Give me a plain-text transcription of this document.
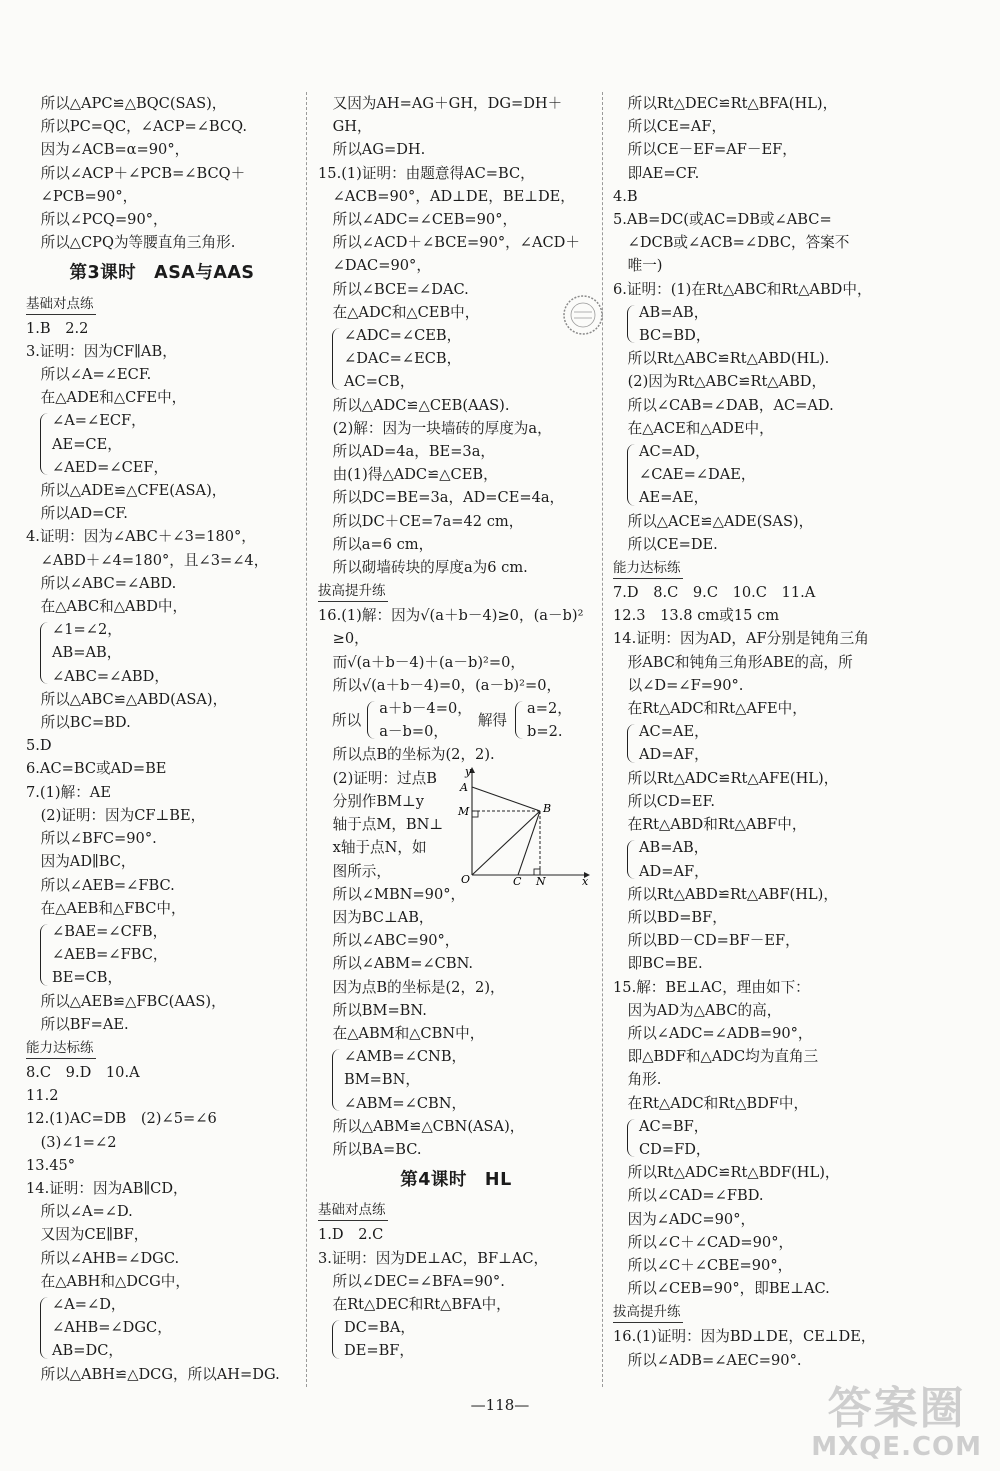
　所以△APC≌△BQC(SAS)，
　所以PC=QC，∠ACP=∠BCQ.
　因为∠ACB=α=90°，
　所以∠ACP＋∠PCB=∠BCQ＋
　∠PCB=90°，
　所以∠PCQ=90°，
　所以△CPQ为等腰直角三角形.
第3课时　ASA与AAS
基础对点练
1.B　2.2
3.证明：因为CF∥AB，
　所以∠A=∠ECF.
　在△ADE和△CFE中，
∠A=∠ECF，
AE=CE，
∠AED=∠CEF，
　所以△ADE≌△CFE(ASA)，
　所以AD=CF.
4.证明：因为∠ABC＋∠3=180°，
　∠ABD＋∠4=180°，且∠3=∠4，
　所以∠ABC=∠ABD.
　在△ABC和△ABD中，
∠1=∠2，
AB=AB，
∠ABC=∠ABD，
　所以△ABC≌△ABD(ASA)，
　所以BC=BD.
5.D
6.AC=BC或AD=BE
7.(1)解：AE
　(2)证明：因为CF⊥BE，
　所以∠BFC=90°.
　因为AD∥BC，
　所以∠AEB=∠FBC.
　在△AEB和△FBC中，
∠BAE=∠CFB，
∠AEB=∠FBC，
BE=CB，
　所以△AEB≌△FBC(AAS)，
　所以BF=AE.
能力达标练
8.C　9.D　10.A
11.2
12.(1)AC=DB　(2)∠5=∠6
　(3)∠1=∠2
13.45°
14.证明：因为AB∥CD，
　所以∠A=∠D.
　又因为CE∥BF，
　所以∠AHB=∠DGC.
　在△ABH和△DCG中，
∠A=∠D，
∠AHB=∠DGC，
AB=DC，
　所以△ABH≌△DCG，所以AH=DG.
　又因为AH=AG＋GH，DG=DH＋
　GH，
　所以AG=DH.
15.(1)证明：由题意得AC=BC，
　∠ACB=90°，AD⊥DE，BE⊥DE，
　所以∠ADC=∠CEB=90°，
　所以∠ACD＋∠BCE=90°，∠ACD＋
　∠DAC=90°，
　所以∠BCE=∠DAC.
　在△ADC和△CEB中，
∠ADC=∠CEB，
∠DAC=∠ECB，
AC=CB，
　所以△ADC≌△CEB(AAS).
　(2)解：因为一块墙砖的厚度为a，
　所以AD=4a，BE=3a，
　由(1)得△ADC≌△CEB，
　所以DC=BE=3a，AD=CE=4a，
　所以DC＋CE=7a=42 cm，
　所以a=6 cm，
　所以砌墙砖块的厚度a为6 cm.
拔高提升练
16.(1)解：因为√(a＋b－4)≥0，(a－b)²
　≥0，
　而√(a＋b－4)＋(a－b)²=0，
　所以√(a＋b－4)=0，(a－b)²=0，
所以
a＋b－4=0，
a－b=0，
解得
a=2，
b=2.
　所以点B的坐标为(2，2).
　(2)证明：过点B
　分别作BM⊥y
　轴于点M，BN⊥
　x轴于点N，如
　图所示，
y
A
M	B
O	C N	x
　所以∠MBN=90°，
　因为BC⊥AB，
　所以∠ABC=90°，
　所以∠ABM=∠CBN.
　因为点B的坐标是(2，2)，
　所以BM=BN.
　在△ABM和△CBN中，
∠AMB=∠CNB，
BM=BN，
∠ABM=∠CBN，
　所以△ABM≌△CBN(ASA)，
　所以BA=BC.
第4课时　HL
基础对点练
1.D　2.C
3.证明：因为DE⊥AC，BF⊥AC，
　所以∠DEC=∠BFA=90°.
　在Rt△DEC和Rt△BFA中，
DC=BA，
DE=BF，
　所以Rt△DEC≌Rt△BFA(HL)，
　所以CE=AF，
　所以CE－EF=AF－EF，
　即AE=CF.
4.B
5.AB=DC(或AC=DB或∠ABC=
　∠DCB或∠ACB=∠DBC，答案不
　唯一)
6.证明：(1)在Rt△ABC和Rt△ABD中，
AB=AB，
BC=BD，
　所以Rt△ABC≌Rt△ABD(HL).
　(2)因为Rt△ABC≌Rt△ABD，
　所以∠CAB=∠DAB，AC=AD.
　在△ACE和△ADE中，
AC=AD，
∠CAE=∠DAE，
AE=AE，
　所以△ACE≌△ADE(SAS)，
　所以CE=DE.
能力达标练
7.D　8.C　9.C　10.C　11.A
12.3　13.8 cm或15 cm
14.证明：因为AD，AF分别是钝角三角
　形ABC和钝角三角形ABE的高，所
　以∠D=∠F=90°.
　在Rt△ADC和Rt△AFE中，
AC=AE，
AD=AF，
　所以Rt△ADC≌Rt△AFE(HL)，
　所以CD=EF.
　在Rt△ABD和Rt△ABF中，
AB=AB，
AD=AF，
　所以Rt△ABD≌Rt△ABF(HL)，
　所以BD=BF，
　所以BD－CD=BF－EF，
　即BC=BE.
15.解：BE⊥AC，理由如下：
　因为AD为△ABC的高，
　所以∠ADC=∠ADB=90°，
　即△BDF和△ADC均为直角三
　角形.
　在Rt△ADC和Rt△BDF中，
AC=BF，
CD=FD，
　所以Rt△ADC≌Rt△BDF(HL)，
　所以∠CAD=∠FBD.
　因为∠ADC=90°，
　所以∠C＋∠CAD=90°，
　所以∠C＋∠CBE=90°，
　所以∠CEB=90°，即BE⊥AC.
拔高提升练
16.(1)证明：因为BD⊥DE，CE⊥DE，
　所以∠ADB=∠AEC=90°.
—118—	答案圈
MXQE.COM
